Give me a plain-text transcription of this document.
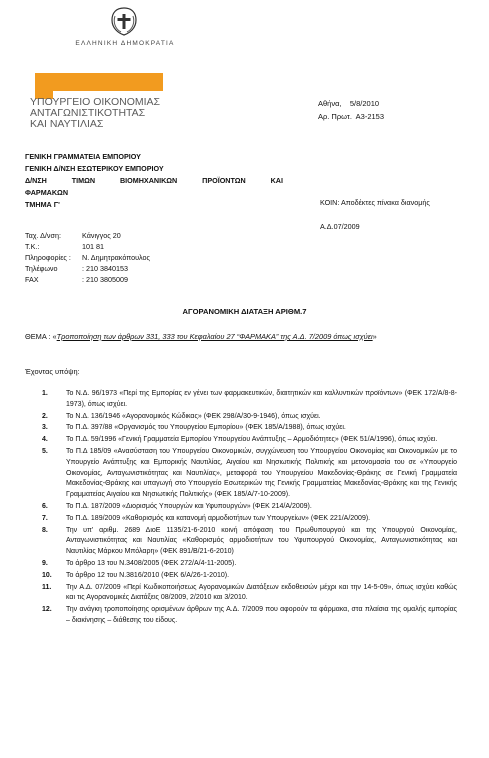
ΕΛΛΗΝΙΚΗ ΔΗΜΟΚΡΑΤΙΑ
ΥΠΟΥΡΓΕΙΟ ΟΙΚΟΝΟΜΙΑΣ
ΑΝΤΑΓΩΝΙΣΤΙΚΟΤΗΤΑΣ
ΚΑΙ ΝΑΥΤΙΛΙΑΣ
Αθήνα,    5/8/2010
Αρ. Πρωτ.  Α3-2153
ΓΕΝΙΚΗ ΓΡΑΜΜΑΤΕΙΑ ΕΜΠΟΡΙΟΥ
ΓΕΝΙΚΗ Δ/ΝΣΗ ΕΣΩΤΕΡΙΚΟΥ ΕΜΠΟΡΙΟΥ
Δ/ΝΣΗ	ΤΙΜΩΝ	ΒΙΟΜΗΧΑΝΙΚΩΝ	ΠΡΟΪΟΝΤΩΝ	ΚΑΙ
ΦΑΡΜΑΚΩΝ
ΤΜΗΜΑ Γ'	ΚΟΙΝ: Αποδέκτες πίνακα διανομής
Α.Δ.07/2009
Ταχ. Δ/νση:	Κάνιγγος 20
Τ.Κ.:	101 81
Πληροφορίες :	Ν. Δημητρακόπουλος
Τηλέφωνο	: 210 3840153
FAX	: 210 3805009
ΑΓΟΡΑΝΟΜΙΚΗ ΔΙΑΤΑΞΗ ΑΡΙΘΜ.7
ΘΕΜΑ : «Τροποποίηση των άρθρων 331, 333 του Κεφαλαίου 27 “ΦΑΡΜΑΚΑ” της Α.Δ. 7/2009 όπως ισχύει»
Έχοντας υπόψη:
1.	Το Ν.Δ. 96/1973 «Περί της Εμπορίας εν γένει των φαρμακευτικών, διαιτητικών και καλλυντικών προϊόντων» (ΦΕΚ 172/Α/8-8-1973), όπως ισχύει.
2.	Το Ν.Δ. 136/1946 «Αγορανομικός Κώδικας» (ΦΕΚ 298/Α/30-9-1946), όπως ισχύει.
3.	Το Π.Δ. 397/88 «Οργανισμός του Υπουργείου Εμπορίου» (ΦΕΚ 185/Α/1988), όπως ισχύει.
4.	Το Π.Δ. 59/1996 «Γενική Γραμματεία Εμπορίου Υπουργείου Ανάπτυξης – Αρμοδιότητες» (ΦΕΚ 51/Α/1996), όπως ισχύει.
5.	Το Π.Δ 185/09 «Ανασύσταση του Υπουργείου Οικονομικών, συγχώνευση του Υπουργείου Οικονομίας και Οικονομικών με το Υπουργείο Ανάπτυξης και Εμπορικής Ναυτιλίας, Αιγαίου και Νησιωτικής Πολιτικής και μετονομασία του σε «Υπουργείο Οικονομίας, Ανταγωνιστικότητας και Ναυτιλίας», μεταφορά του Υπουργείου Μακεδονίας-Θράκης σε Γενική Γραμματεία Μακεδονίας-Θράκης και υπαγωγή στο Υπουργείο Εσωτερικών της Γενικής Γραμματείας Μακεδονίας-Θράκης και της Γενικής Γραμματείας Αιγαίου και Νησιωτικής Πολιτικής» (ΦΕΚ 185/Α/7-10-2009).
6.	Το Π.Δ. 187/2009 «Διορισμός Υπουργών και Υφυπουργών» (ΦΕΚ 214/Α/2009).
7.	Το Π.Δ. 189/2009 «Καθορισμός και κατανομή αρμοδιοτήτων των Υπουργείων» (ΦΕΚ 221/Α/2009).
8.	Την υπ' αριθμ. 2689 ΔιοΕ 1135/21-6-2010 κοινή απόφαση του Πρωθυπουργού και της Υπουργού Οικονομίας, Ανταγωνιστικότητας και Ναυτιλίας «Καθορισμός αρμοδιοτήτων του Υφυπουργού Οικονομίας, Ανταγωνιστικότητας και Ναυτιλίας Μάρκου Μπόλαρη» (ΦΕΚ 891/Β/21-6-2010)
9.	Το άρθρο 13 του Ν.3408/2005 (ΦΕΚ 272/Α/4-11-2005).
10.	Το άρθρο 12 του Ν.3816/2010 (ΦΕΚ 6/Α/26-1-2010).
11.	Την Α.Δ. 07/2009 «Περί Κωδικοποιήσεως Αγορανομικών Διατάξεων εκδοθεισών μέχρι και την 14-5-09», όπως ισχύει καθώς και τις Αγορανομικές Διατάξεις 08/2009, 2/2010 και 3/2010.
12.	Την ανάγκη τροποποίησης ορισμένων άρθρων της Α.Δ. 7/2009 που αφορούν τα φάρμακα, στα πλαίσια της ομαλής εμπορίας – διακίνησης – διάθεσης του είδους.
